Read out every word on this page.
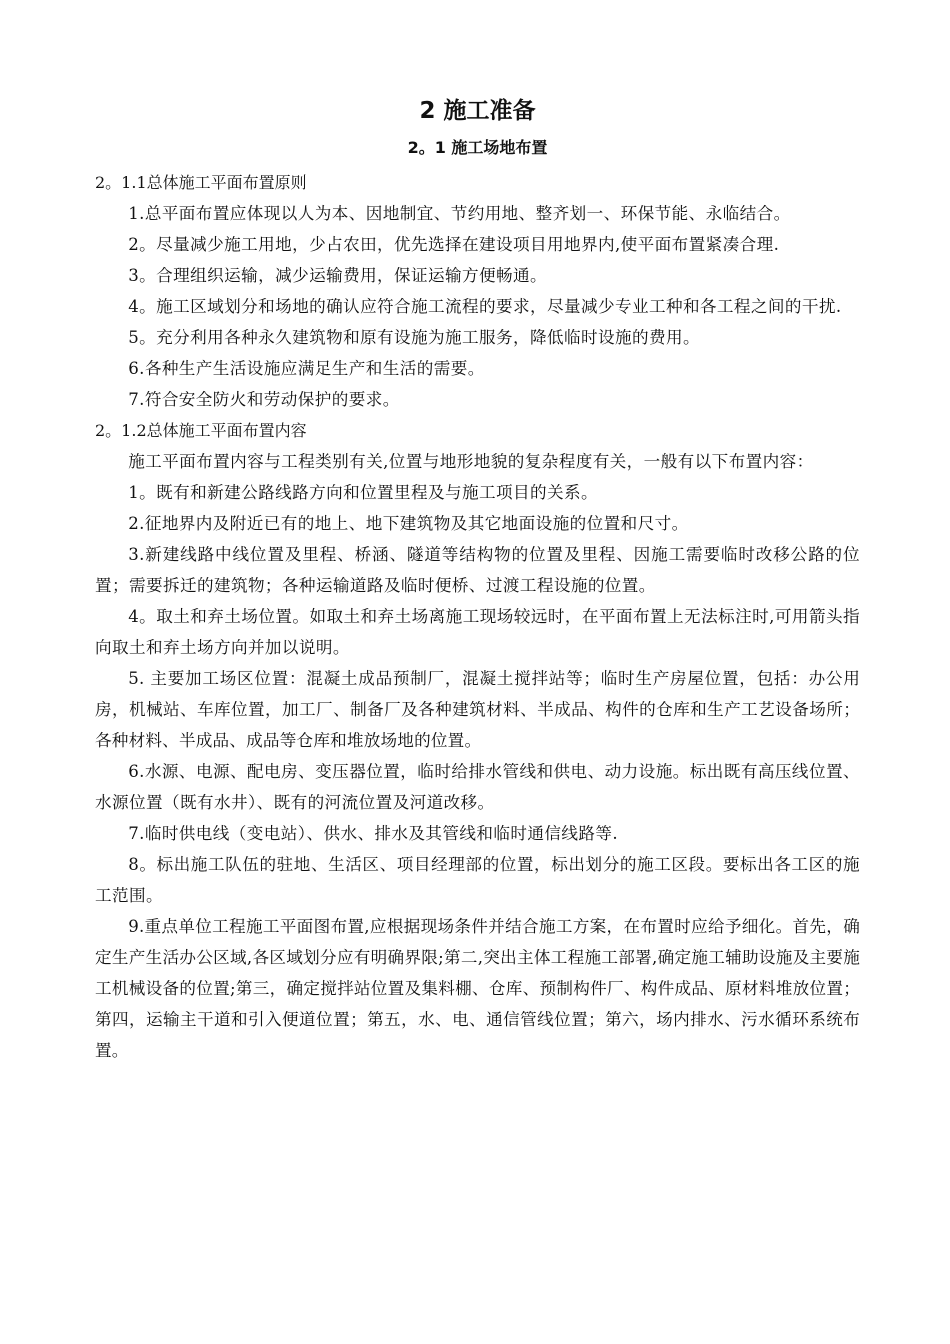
2 施工准备
2。1 施工场地布置

2。1.1总体施工平面布置原则

1.总平面布置应体现以人为本、因地制宜、节约用地、整齐划一、环保节能、永临结合。

2。尽量减少施工用地，少占农田，优先选择在建设项目用地界内,使平面布置紧凑合理.

3。合理组织运输，减少运输费用，保证运输方便畅通。

4。施工区域划分和场地的确认应符合施工流程的要求，尽量减少专业工种和各工程之间的干扰.

5。充分利用各种永久建筑物和原有设施为施工服务，降低临时设施的费用。

6.各种生产生活设施应满足生产和生活的需要。

7.符合安全防火和劳动保护的要求。

2。1.2总体施工平面布置内容

施工平面布置内容与工程类别有关,位置与地形地貌的复杂程度有关，一般有以下布置内容：

1。既有和新建公路线路方向和位置里程及与施工项目的关系。

2.征地界内及附近已有的地上、地下建筑物及其它地面设施的位置和尺寸。

3.新建线路中线位置及里程、桥涵、隧道等结构物的位置及里程、因施工需要临时改移公路的位置；需要拆迁的建筑物；各种运输道路及临时便桥、过渡工程设施的位置。

4。取土和弃土场位置。如取土和弃土场离施工现场较远时，在平面布置上无法标注时,可用箭头指向取土和弃土场方向并加以说明。

5. 主要加工场区位置：混凝土成品预制厂，混凝土搅拌站等；临时生产房屋位置，包括：办公用房，机械站、车库位置，加工厂、制备厂及各种建筑材料、半成品、构件的仓库和生产工艺设备场所；各种材料、半成品、成品等仓库和堆放场地的位置。

6.水源、电源、配电房、变压器位置，临时给排水管线和供电、动力设施。标出既有高压线位置、水源位置（既有水井）、既有的河流位置及河道改移。

7.临时供电线（变电站）、供水、排水及其管线和临时通信线路等.

8。标出施工队伍的驻地、生活区、项目经理部的位置，标出划分的施工区段。要标出各工区的施工范围。

9.重点单位工程施工平面图布置,应根据现场条件并结合施工方案，在布置时应给予细化。首先，确定生产生活办公区域,各区域划分应有明确界限;第二,突出主体工程施工部署,确定施工辅助设施及主要施工机械设备的位置;第三，确定搅拌站位置及集料棚、仓库、预制构件厂、构件成品、原材料堆放位置；第四，运输主干道和引入便道位置；第五，水、电、通信管线位置；第六，场内排水、污水循环系统布置。
